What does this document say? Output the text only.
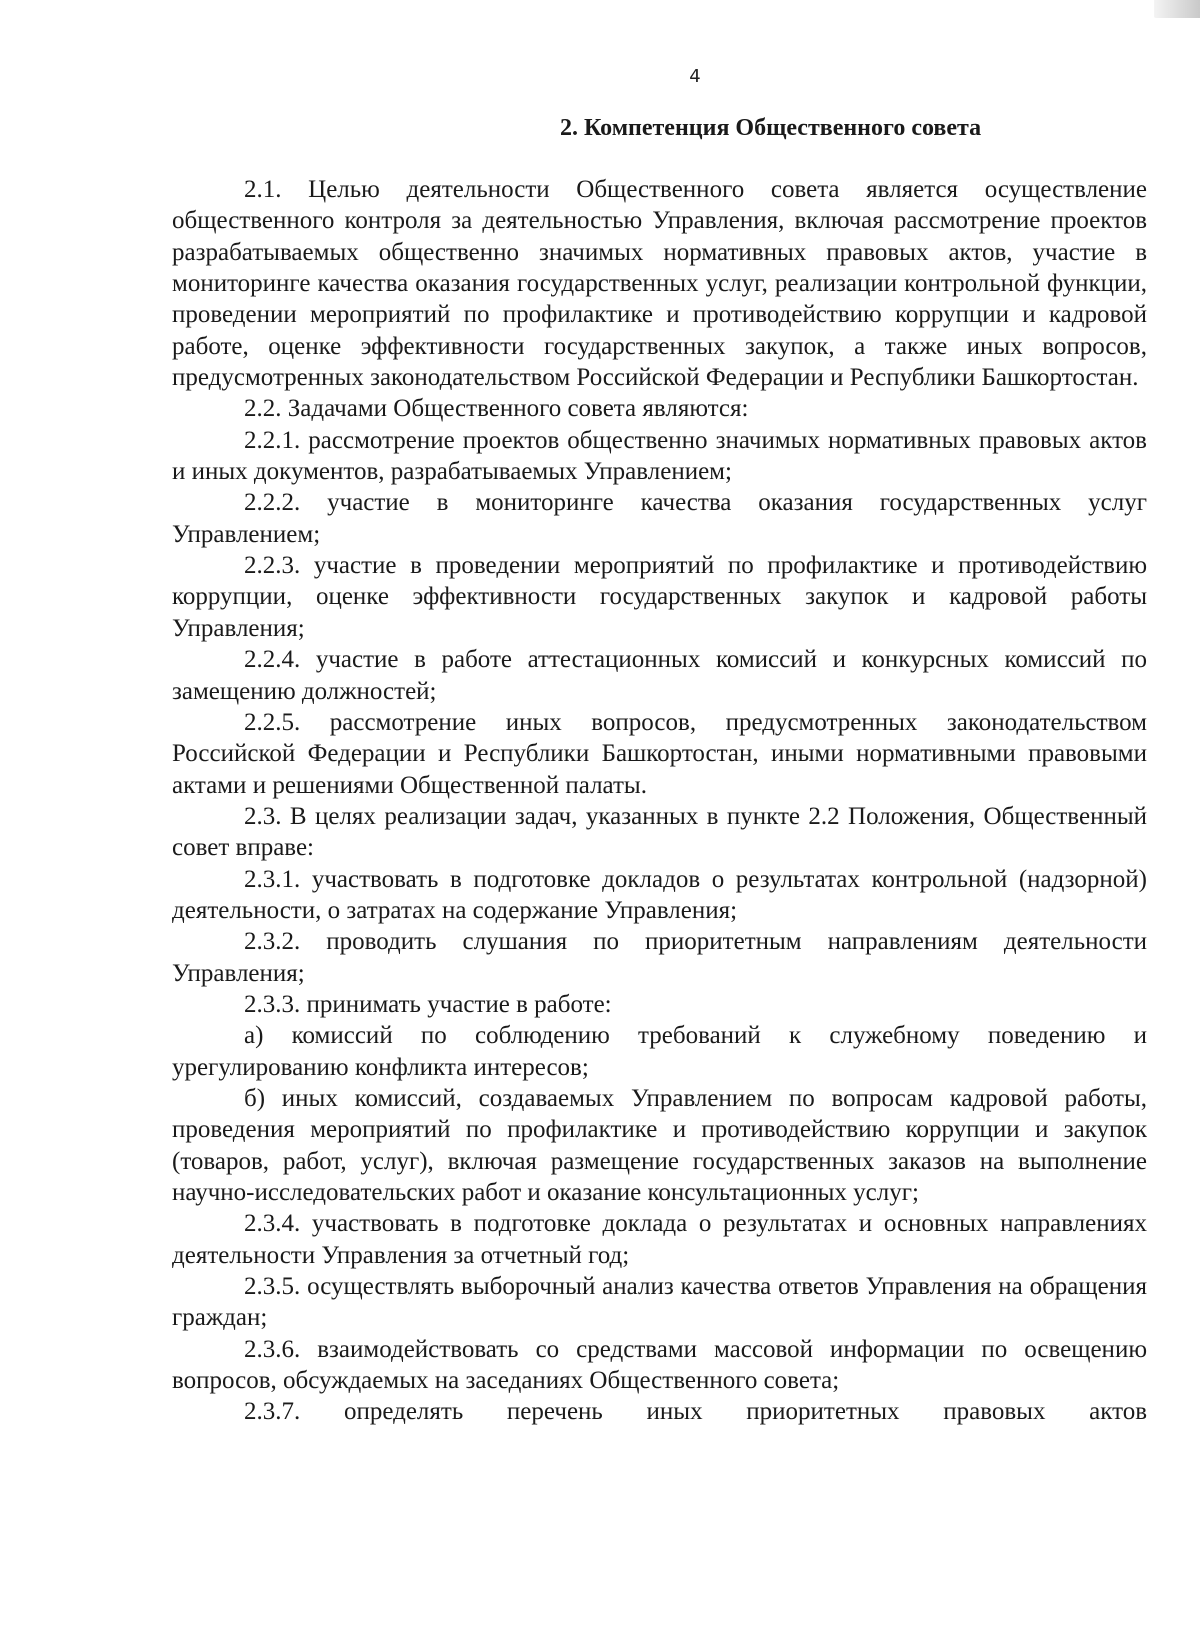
4
2. Компетенция Общественного совета

2.1. Целью деятельности Общественного совета является осуществление общественного контроля за деятельностью Управления, включая рассмотрение проектов разрабатываемых общественно значимых нормативных правовых актов, участие в мониторинге качества оказания государственных услуг, реализации контрольной функции, проведении мероприятий по профилактике и противодействию коррупции и кадровой работе, оценке эффективности государственных закупок, а также иных вопросов, предусмотренных законодательством Российской Федерации и Республики Башкортостан.

2.2. Задачами Общественного совета являются:

2.2.1. рассмотрение проектов общественно значимых нормативных правовых актов и иных документов, разрабатываемых Управлением;

2.2.2. участие в мониторинге качества оказания государственных услуг Управлением;

2.2.3. участие в проведении мероприятий по профилактике и противодействию коррупции, оценке эффективности государственных закупок и кадровой работы Управления;

2.2.4. участие в работе аттестационных комиссий и конкурсных комиссий по замещению должностей;

2.2.5. рассмотрение иных вопросов, предусмотренных законодательством Российской Федерации и Республики Башкортостан, иными нормативными правовыми актами и решениями Общественной палаты.

2.3. В целях реализации задач, указанных в пункте 2.2 Положения, Общественный совет вправе:

2.3.1. участвовать в подготовке докладов о результатах контрольной (надзорной) деятельности, о затратах на содержание Управления;

2.3.2. проводить слушания по приоритетным направлениям деятельности Управления;

2.3.3. принимать участие в работе:

а) комиссий по соблюдению требований к служебному поведению и урегулированию конфликта интересов;

б) иных комиссий, создаваемых Управлением по вопросам кадровой работы, проведения мероприятий по профилактике и противодействию коррупции и закупок (товаров, работ, услуг), включая размещение государственных заказов на выполнение научно-исследовательских работ и оказание консультационных услуг;

2.3.4. участвовать в подготовке доклада о результатах и основных направлениях деятельности Управления за отчетный год;

2.3.5. осуществлять выборочный анализ качества ответов Управления на обращения граждан;

2.3.6. взаимодействовать со средствами массовой информации по освещению вопросов, обсуждаемых на заседаниях Общественного совета;

2.3.7. определять перечень иных приоритетных правовых актов
